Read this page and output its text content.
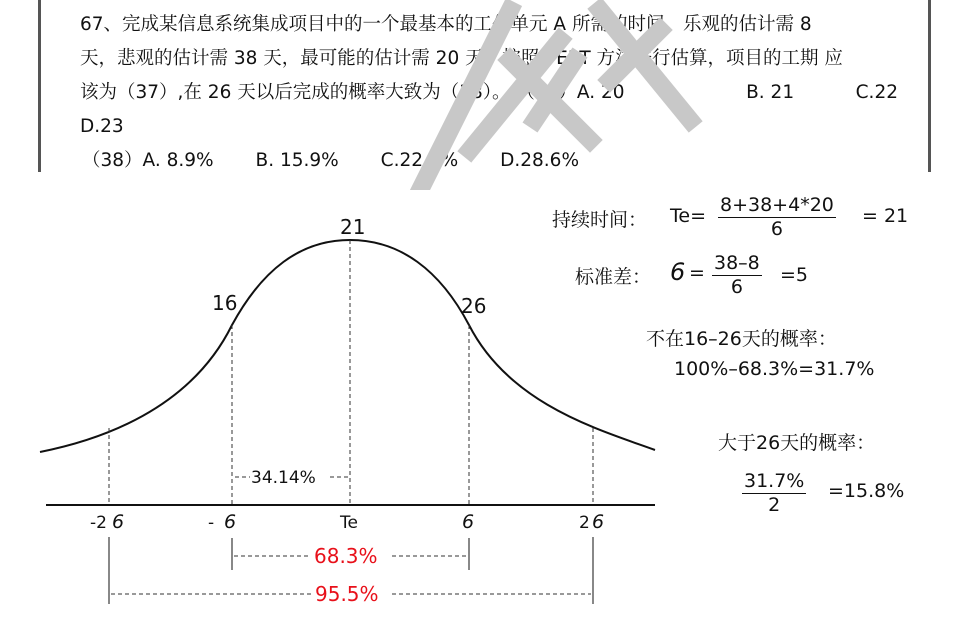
67、完成某信息系统集成项目中的一个最基本的工作单元 A 所需的时间，乐观的估计需 8
天，悲观的估计需 38 天，最可能的估计需 20 天，按照 PERT 方法进行估算，项目的工期 应
该为（37）,在 26 天以后完成的概率大致为（38）。 （37）A. 20	B. 21	C.22
D.23
（38）A. 8.9% B. 15.9% C.22.2% D.28.6%
21
16	26
34.14%
-2 6	- 6	Te	6	2 6
68.3%
95.5%
持续时间： $Te= \frac{8+38+4*20}{6} = 21$
标准差： $6 = \frac{38-8}{6} =5$
不在16–26天的概率：
100%–68.3%=31.7%
大于26天的概率：
$\frac{31.7\%}{2} =15.8\%$
